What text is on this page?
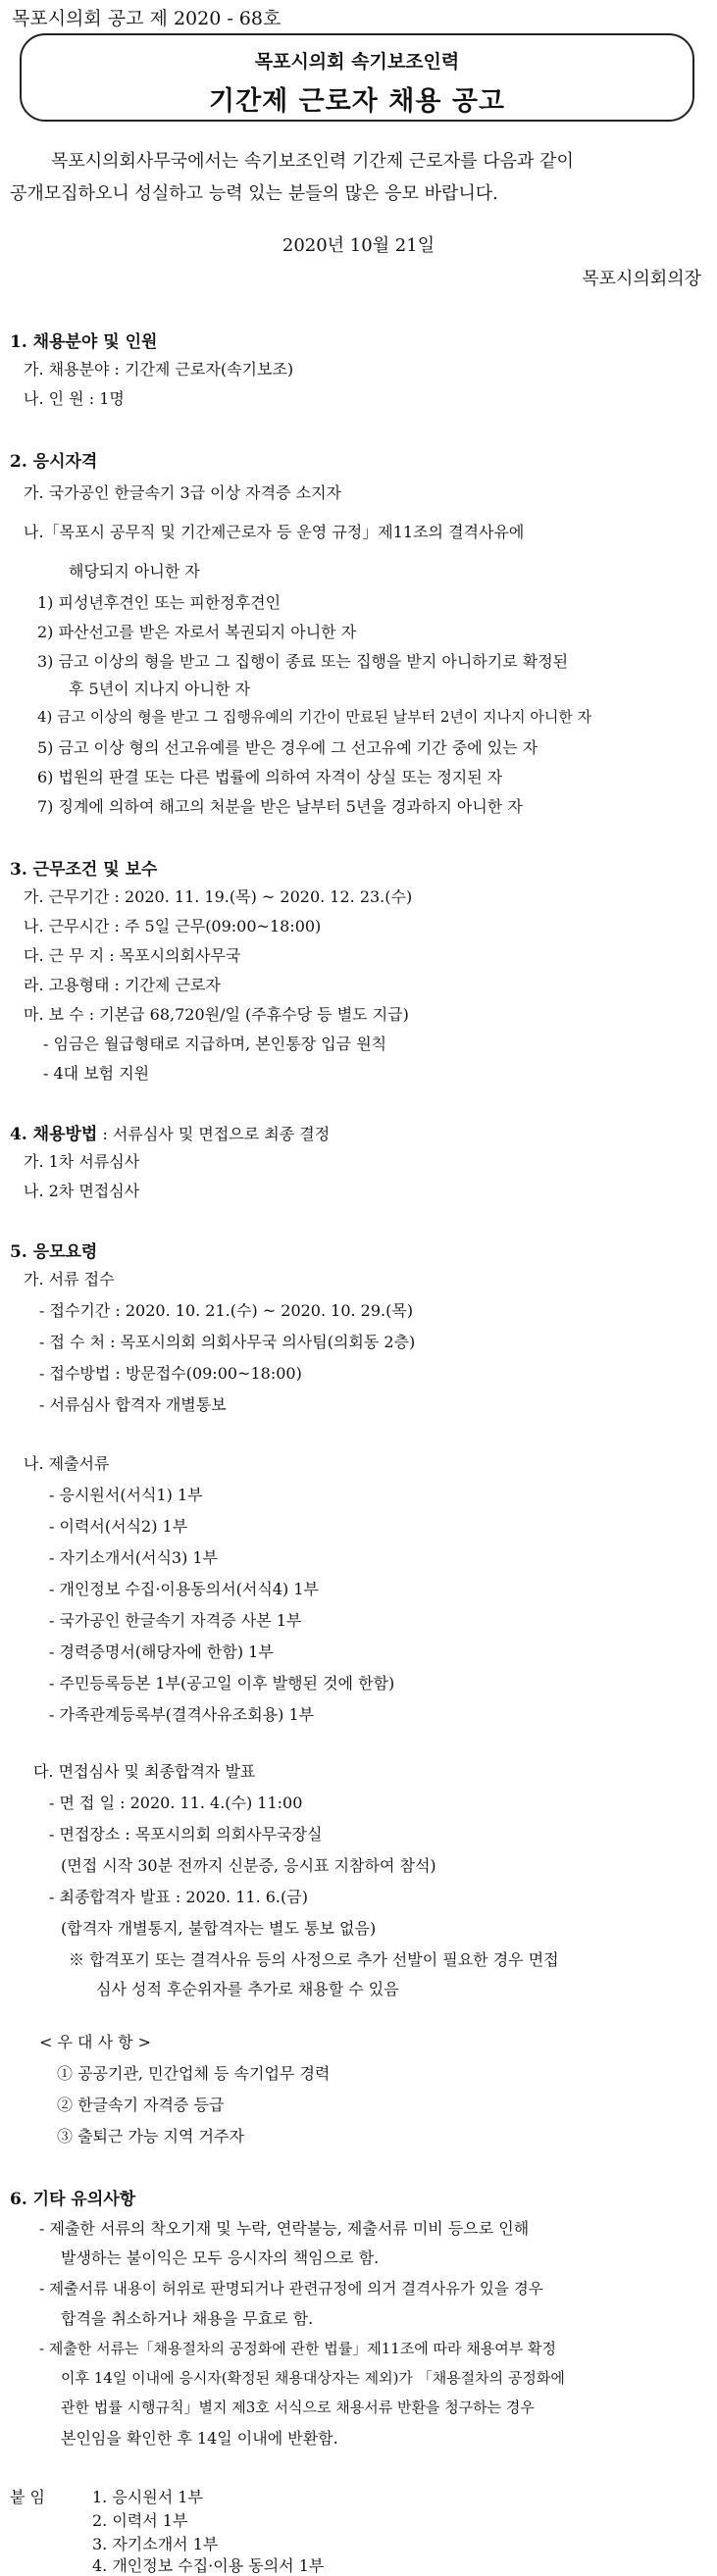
목포시의회 공고 제 2020 - 68호
목포시의회 속기보조인력
기간제 근로자 채용 공고

목포시의회사무국에서는 속기보조인력 기간제 근로자를 다음과 같이

공개모집하오니 성실하고 능력 있는 분들의 많은 응모 바랍니다.

2020년 10월 21일
목포시의회의장
1. 채용분야 및 인원
가. 채용분야 : 기간제 근로자(속기보조)
나. 인 원 : 1명
2. 응시자격
가. 국가공인 한글속기 3급 이상 자격증 소지자
나.「목포시 공무직 및 기간제근로자 등 운영 규정」제11조의 결격사유에
해당되지 아니한 자
1) 피성년후견인 또는 피한정후견인
2) 파산선고를 받은 자로서 복권되지 아니한 자
3) 금고 이상의 형을 받고 그 집행이 종료 또는 집행을 받지 아니하기로 확정된
후 5년이 지나지 아니한 자
4) 금고 이상의 형을 받고 그 집행유예의 기간이 만료된 날부터 2년이 지나지 아니한 자
5) 금고 이상 형의 선고유예를 받은 경우에 그 선고유예 기간 중에 있는 자
6) 법원의 판결 또는 다른 법률에 의하여 자격이 상실 또는 정지된 자
7) 징계에 의하여 해고의 처분을 받은 날부터 5년을 경과하지 아니한 자
3. 근무조건 및 보수
가. 근무기간 : 2020. 11. 19.(목) ~ 2020. 12. 23.(수)
나. 근무시간 : 주 5일 근무(09:00~18:00)
다. 근 무 지 : 목포시의회사무국
라. 고용형태 : 기간제 근로자
마. 보 수 : 기본급 68,720원/일 (주휴수당 등 별도 지급)
- 임금은 월급형태로 지급하며, 본인통장 입금 원칙
- 4대 보험 지원
4. 채용방법 : 서류심사 및 면접으로 최종 결정
가. 1차 서류심사
나. 2차 면접심사
5. 응모요령
가. 서류 접수
- 접수기간 : 2020. 10. 21.(수) ~ 2020. 10. 29.(목)
- 접 수 처 : 목포시의회 의회사무국 의사팀(의회동 2층)
- 접수방법 : 방문접수(09:00~18:00)
- 서류심사 합격자 개별통보
나. 제출서류
- 응시원서(서식1) 1부
- 이력서(서식2) 1부
- 자기소개서(서식3) 1부
- 개인정보 수집·이용동의서(서식4) 1부
- 국가공인 한글속기 자격증 사본 1부
- 경력증명서(해당자에 한함) 1부
- 주민등록등본 1부(공고일 이후 발행된 것에 한함)
- 가족관계등록부(결격사유조회용) 1부
다. 면접심사 및 최종합격자 발표
- 면 접 일 : 2020. 11. 4.(수) 11:00
- 면접장소 : 목포시의회 의회사무국장실
(면접 시작 30분 전까지 신분증, 응시표 지참하여 참석)
- 최종합격자 발표 : 2020. 11. 6.(금)
(합격자 개별통지, 불합격자는 별도 통보 없음)
※ 합격포기 또는 결격사유 등의 사정으로 추가 선발이 필요한 경우 면접
심사 성적 후순위자를 추가로 채용할 수 있음
< 우 대 사 항 >
① 공공기관, 민간업체 등 속기업무 경력
② 한글속기 자격증 등급
③ 출퇴근 가능 지역 거주자
6. 기타 유의사항
- 제출한 서류의 착오기재 및 누락, 연락불능, 제출서류 미비 등으로 인해
발생하는 불이익은 모두 응시자의 책임으로 함.
- 제출서류 내용이 허위로 판명되거나 관련규정에 의거 결격사유가 있을 경우
합격을 취소하거나 채용을 무효로 함.
- 제출한 서류는「채용절차의 공정화에 관한 법률」제11조에 따라 채용여부 확정
이후 14일 이내에 응시자(확정된 채용대상자는 제외)가 「채용절차의 공정화에
관한 법률 시행규칙」별지 제3호 서식으로 채용서류 반환을 청구하는 경우
본인임을 확인한 후 14일 이내에 반환함.
붙 임	1. 응시원서 1부
2. 이력서 1부
3. 자기소개서 1부
4. 개인정보 수집·이용 동의서 1부
